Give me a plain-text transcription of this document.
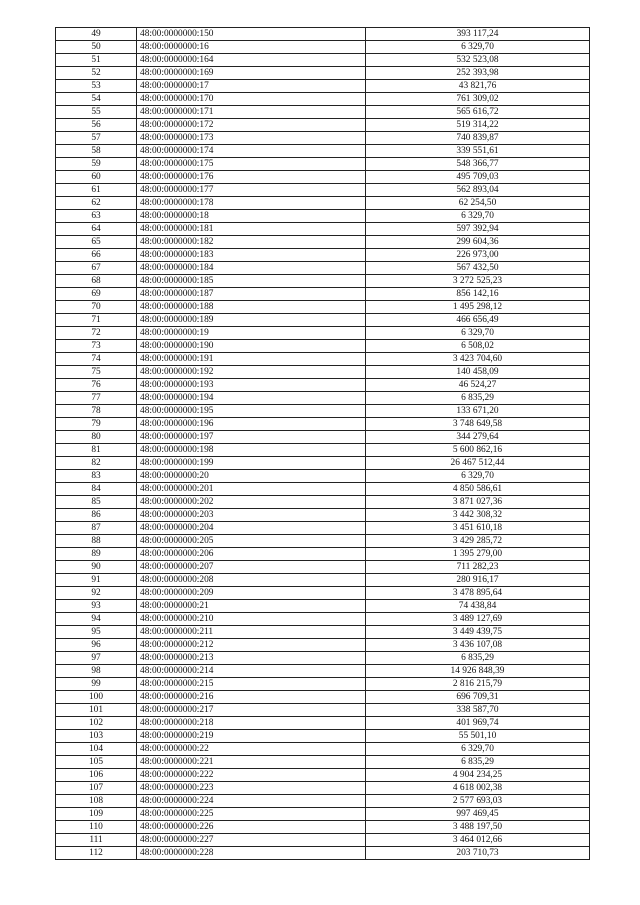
49	48:00:0000000:150	393 117,24
50	48:00:0000000:16	6 329,70
51	48:00:0000000:164	532 523,08
52	48:00:0000000:169	252 393,98
53	48:00:0000000:17	43 821,76
54	48:00:0000000:170	761 309,02
55	48:00:0000000:171	565 616,72
56	48:00:0000000:172	519 314,22
57	48:00:0000000:173	740 839,87
58	48:00:0000000:174	339 551,61
59	48:00:0000000:175	548 366,77
60	48:00:0000000:176	495 709,03
61	48:00:0000000:177	562 893,04
62	48:00:0000000:178	62 254,50
63	48:00:0000000:18	6 329,70
64	48:00:0000000:181	597 392,94
65	48:00:0000000:182	299 604,36
66	48:00:0000000:183	226 973,00
67	48:00:0000000:184	567 432,50
68	48:00:0000000:185	3 272 525,23
69	48:00:0000000:187	856 142,16
70	48:00:0000000:188	1 495 298,12
71	48:00:0000000:189	466 656,49
72	48:00:0000000:19	6 329,70
73	48:00:0000000:190	6 508,02
74	48:00:0000000:191	3 423 704,60
75	48:00:0000000:192	140 458,09
76	48:00:0000000:193	46 524,27
77	48:00:0000000:194	6 835,29
78	48:00:0000000:195	133 671,20
79	48:00:0000000:196	3 748 649,58
80	48:00:0000000:197	344 279,64
81	48:00:0000000:198	5 600 862,16
82	48:00:0000000:199	26 467 512,44
83	48:00:0000000:20	6 329,70
84	48:00:0000000:201	4 850 586,61
85	48:00:0000000:202	3 871 027,36
86	48:00:0000000:203	3 442 308,32
87	48:00:0000000:204	3 451 610,18
88	48:00:0000000:205	3 429 285,72
89	48:00:0000000:206	1 395 279,00
90	48:00:0000000:207	711 282,23
91	48:00:0000000:208	280 916,17
92	48:00:0000000:209	3 478 895,64
93	48:00:0000000:21	74 438,84
94	48:00:0000000:210	3 489 127,69
95	48:00:0000000:211	3 449 439,75
96	48:00:0000000:212	3 436 107,08
97	48:00:0000000:213	6 835,29
98	48:00:0000000:214	14 926 848,39
99	48:00:0000000:215	2 816 215,79
100	48:00:0000000:216	696 709,31
101	48:00:0000000:217	338 587,70
102	48:00:0000000:218	401 969,74
103	48:00:0000000:219	55 501,10
104	48:00:0000000:22	6 329,70
105	48:00:0000000:221	6 835,29
106	48:00:0000000:222	4 904 234,25
107	48:00:0000000:223	4 618 002,38
108	48:00:0000000:224	2 577 693,03
109	48:00:0000000:225	997 469,45
110	48:00:0000000:226	3 488 197,50
111	48:00:0000000:227	3 464 012,66
112	48:00:0000000:228	203 710,73
